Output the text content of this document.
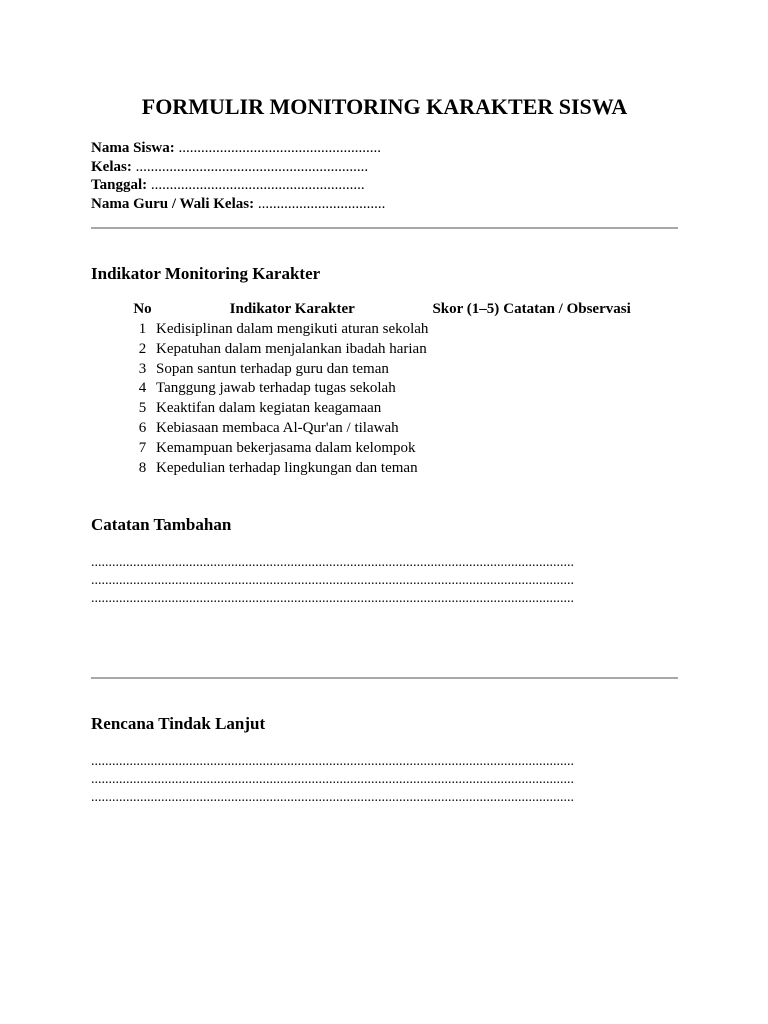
FORMULIR MONITORING KARAKTER SISWA
Nama Siswa: ......................................................
Kelas: ..............................................................
Tanggal: .........................................................
Nama Guru / Wali Kelas: ..................................
Indikator Monitoring Karakter
No	Indikator Karakter	Skor (1–5)	Catatan / Observasi
1	Kedisiplinan dalam mengikuti aturan sekolah		
2	Kepatuhan dalam menjalankan ibadah harian		
3	Sopan santun terhadap guru dan teman		
4	Tanggung jawab terhadap tugas sekolah		
5	Keaktifan dalam kegiatan keagamaan		
6	Kebiasaan membaca Al-Qur'an / tilawah		
7	Kemampuan bekerjasama dalam kelompok		
8	Kepedulian terhadap lingkungan dan teman		
Catatan Tambahan
..........................................................................................................................................
..........................................................................................................................................
..........................................................................................................................................
Rencana Tindak Lanjut
..........................................................................................................................................
..........................................................................................................................................
..........................................................................................................................................
